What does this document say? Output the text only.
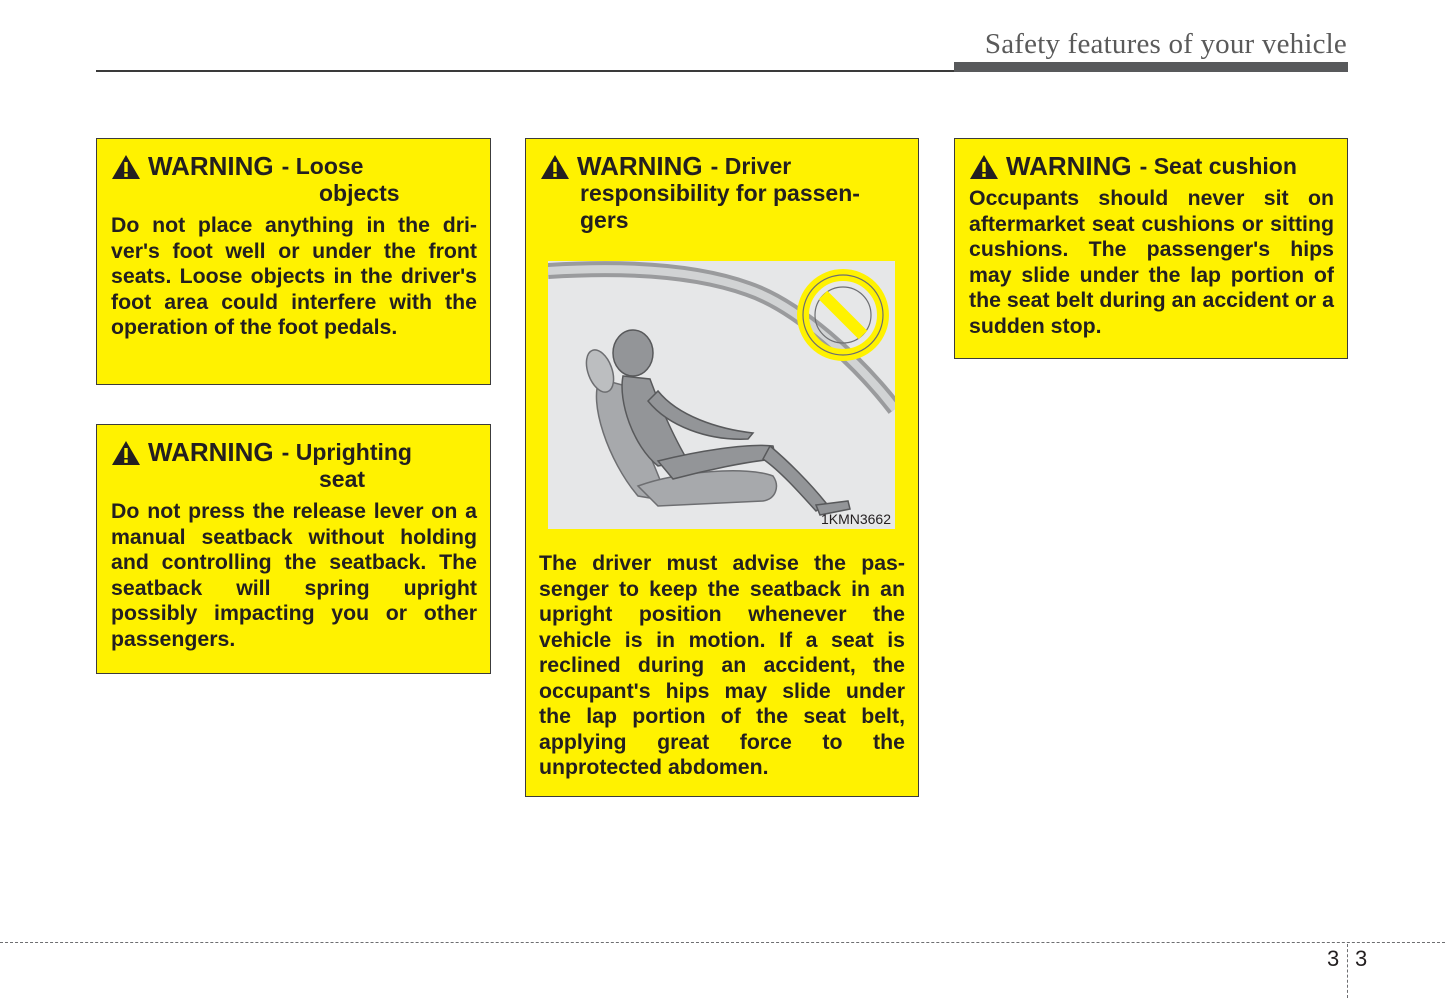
Safety features of your vehicle
WARNING - Loose
objects
Do not place anything in the driver's foot well or under the front seats. Loose objects in the driver's foot area could interfere with the operation of the foot pedals.
WARNING - Uprighting
seat
Do not press the release lever on a manual seatback without holding and controlling the seatback. The seatback will spring upright possibly impacting you or other passengers.
WARNING - Driver
responsibility for passengers
1KMN3662
The driver must advise the passenger to keep the seatback in an upright position whenever the vehicle is in motion. If a seat is reclined during an accident, the occupant's hips may slide under the lap portion of the seat belt, applying great force to the unprotected abdomen.
WARNING - Seat cushion
Occupants should never sit on aftermarket seat cushions or sitting cushions. The passenger's hips may slide under the lap portion of the seat belt during an accident or a sudden stop.
3 3
